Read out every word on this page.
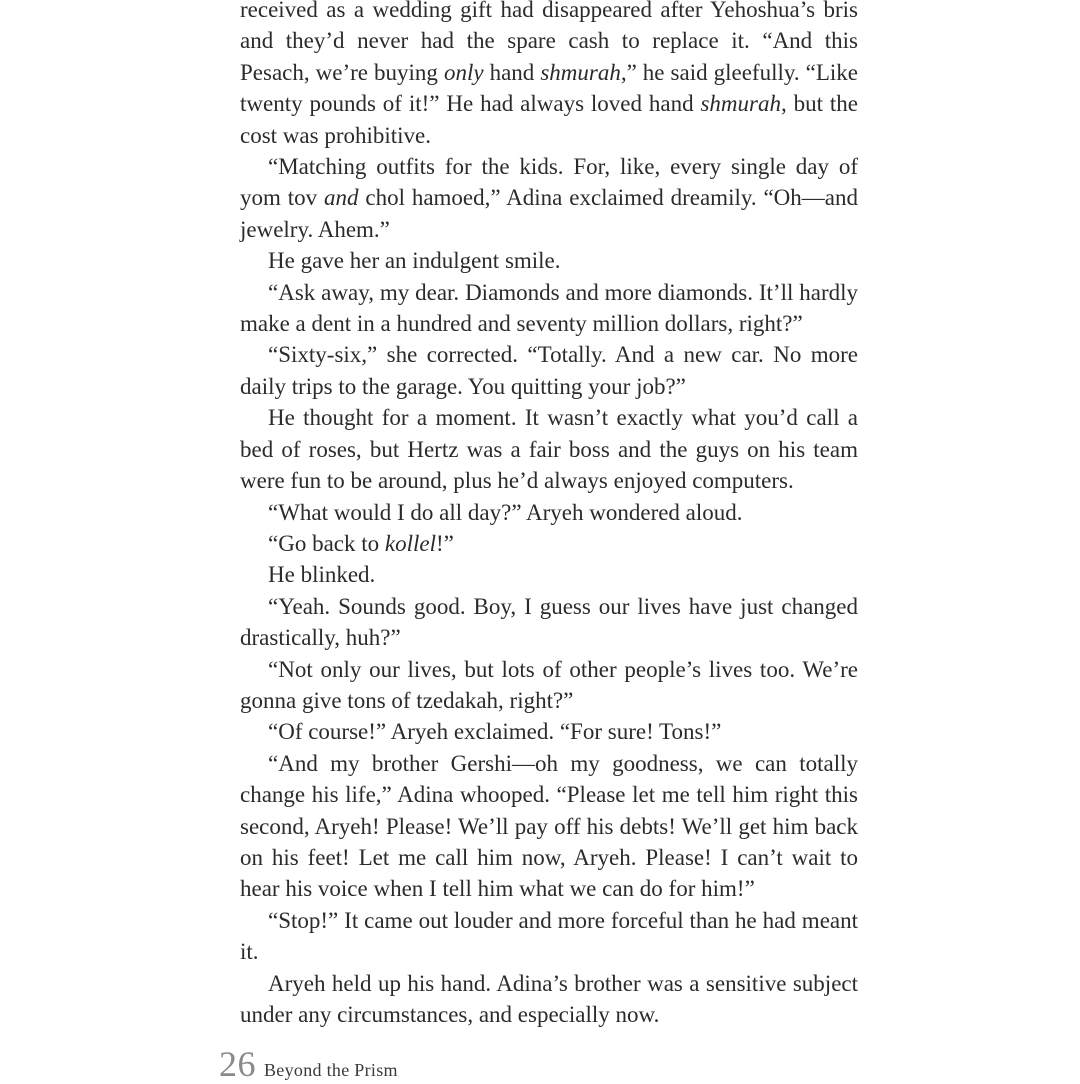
received as a wedding gift had disappeared after Yehoshua’s bris and they’d never had the spare cash to replace it. “And this Pesach, we’re buying only hand shmurah,” he said gleefully. “Like twenty pounds of it!” He had always loved hand shmurah, but the cost was prohibitive.

“Matching outfits for the kids. For, like, every single day of yom tov and chol hamoed,” Adina exclaimed dreamily. “Oh—and jewelry. Ahem.”

He gave her an indulgent smile.

“Ask away, my dear. Diamonds and more diamonds. It’ll hardly make a dent in a hundred and seventy million dollars, right?”

“Sixty-six,” she corrected. “Totally. And a new car. No more daily trips to the garage. You quitting your job?”

He thought for a moment. It wasn’t exactly what you’d call a bed of roses, but Hertz was a fair boss and the guys on his team were fun to be around, plus he’d always enjoyed computers.

“What would I do all day?” Aryeh wondered aloud.

“Go back to kollel!”

He blinked.

“Yeah. Sounds good. Boy, I guess our lives have just changed drastically, huh?”

“Not only our lives, but lots of other people’s lives too. We’re gonna give tons of tzedakah, right?”

“Of course!” Aryeh exclaimed. “For sure! Tons!”

“And my brother Gershi—oh my goodness, we can totally change his life,” Adina whooped. “Please let me tell him right this second, Aryeh! Please! We’ll pay off his debts! We’ll get him back on his feet! Let me call him now, Aryeh. Please! I can’t wait to hear his voice when I tell him what we can do for him!”

“Stop!” It came out louder and more forceful than he had meant it.

Aryeh held up his hand. Adina’s brother was a sensitive subject under any circumstances, and especially now.

26 Beyond the Prism
